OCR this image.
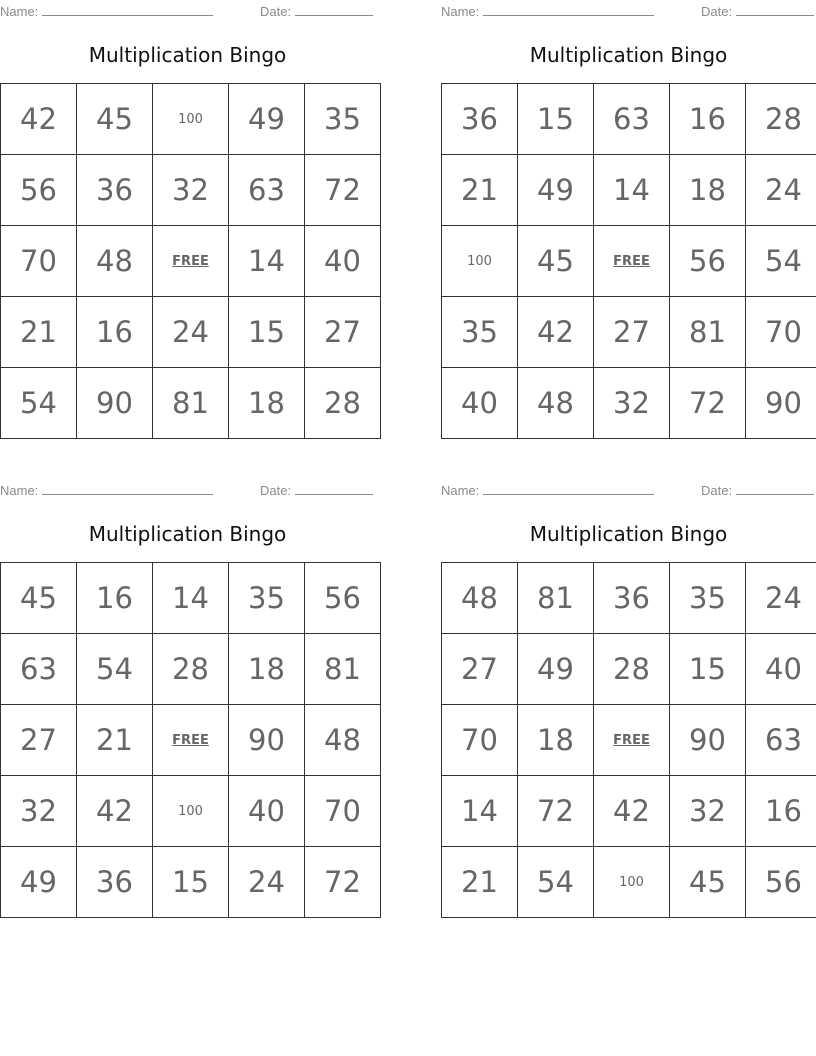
Name:	Date:
Multiplication Bingo
42	45	100	49	35
56	36	32	63	72
70	48	FREE	14	40
21	16	24	15	27
54	90	81	18	28
Name:	Date:
Multiplication Bingo
36	15	63	16	28
21	49	14	18	24
100	45	FREE	56	54
35	42	27	81	70
40	48	32	72	90
Name:	Date:
Multiplication Bingo
45	16	14	35	56
63	54	28	18	81
27	21	FREE	90	48
32	42	100	40	70
49	36	15	24	72
Name:	Date:
Multiplication Bingo
48	81	36	35	24
27	49	28	15	40
70	18	FREE	90	63
14	72	42	32	16
21	54	100	45	56
